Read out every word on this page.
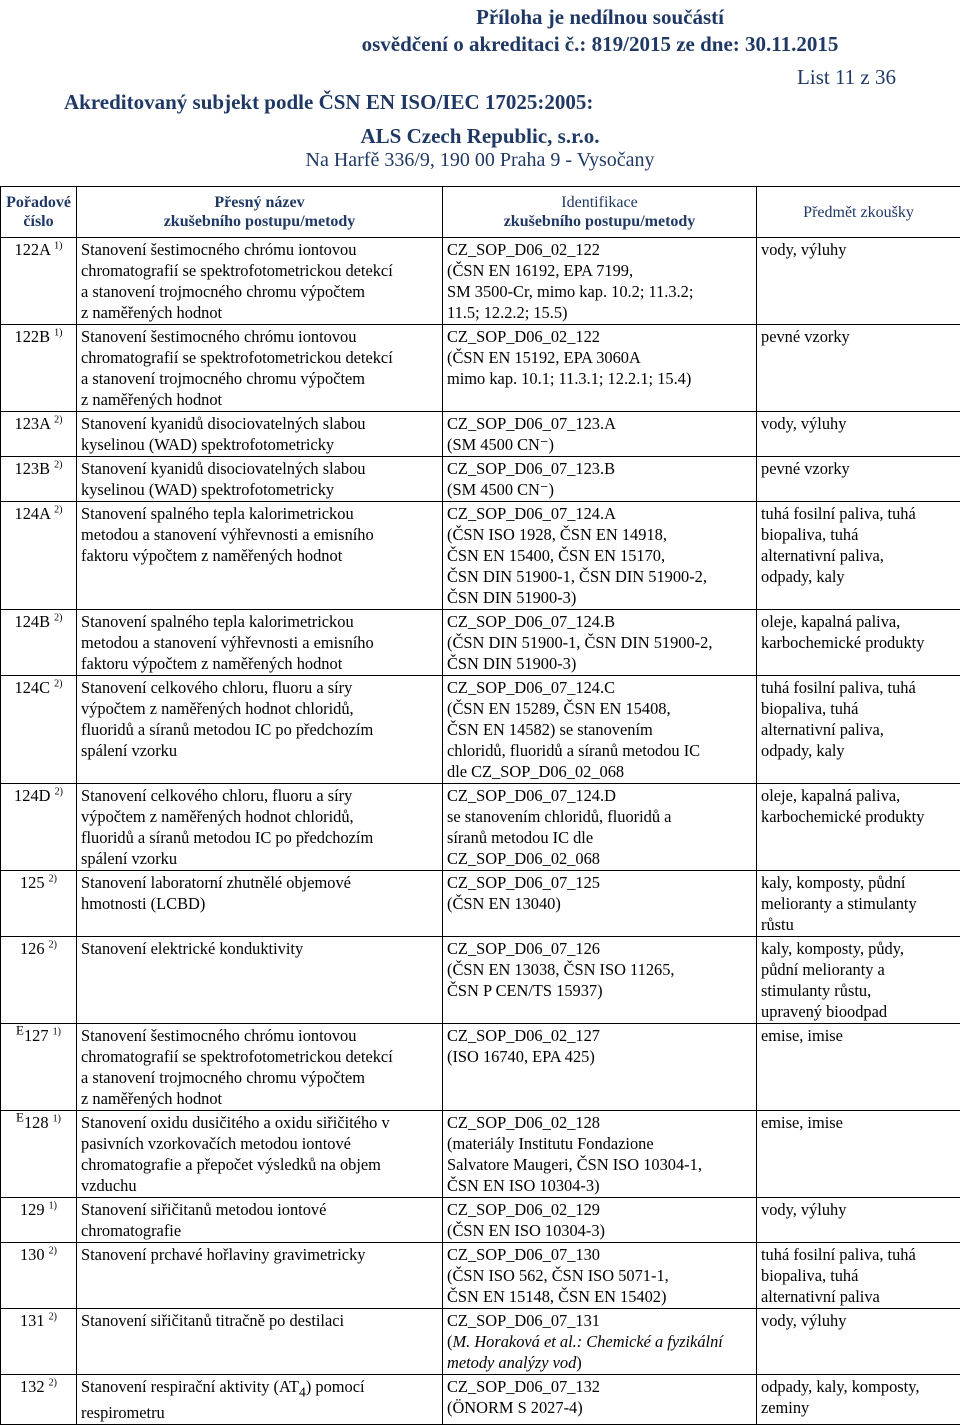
Příloha je nedílnou součástí
osvědčení o akreditaci č.: 819/2015 ze dne: 30.11.2015
List 11 z 36
Akreditovaný subjekt podle ČSN EN ISO/IEC 17025:2005:
ALS Czech Republic, s.r.o.
Na Harfě 336/9, 190 00 Praha 9 - Vysočany
Pořadové
číslo	Přesný název
zkušebního postupu/metody	Identifikace
zkušebního postupu/metody	Předmět zkoušky
122A $^{1)}$	Stanovení šestimocného chrómu iontovou
chromatografií se spektrofotometrickou detekcí
a stanovení trojmocného chromu výpočtem
z naměřených hodnot	CZ_SOP_D06_02_122
(ČSN EN 16192, EPA 7199,
SM 3500-Cr, mimo kap. 10.2; 11.3.2;
11.5; 12.2.2; 15.5)	vody, výluhy
122B $^{1)}$	Stanovení šestimocného chrómu iontovou
chromatografií se spektrofotometrickou detekcí
a stanovení trojmocného chromu výpočtem
z naměřených hodnot	CZ_SOP_D06_02_122
(ČSN EN 15192, EPA 3060A
mimo kap. 10.1; 11.3.1; 12.2.1; 15.4)	pevné vzorky
123A $^{2)}$	Stanovení kyanidů disociovatelných slabou
kyselinou (WAD) spektrofotometricky	CZ_SOP_D06_07_123.A
(SM 4500 CN⁻)	vody, výluhy
123B $^{2)}$	Stanovení kyanidů disociovatelných slabou
kyselinou (WAD) spektrofotometricky	CZ_SOP_D06_07_123.B
(SM 4500 CN⁻)	pevné vzorky
124A $^{2)}$	Stanovení spalného tepla kalorimetrickou
metodou a stanovení výhřevnosti a emisního
faktoru výpočtem z naměřených hodnot	CZ_SOP_D06_07_124.A
(ČSN ISO 1928, ČSN EN 14918,
ČSN EN 15400, ČSN EN 15170,
ČSN DIN 51900-1, ČSN DIN 51900-2,
ČSN DIN 51900-3)	tuhá fosilní paliva, tuhá
biopaliva, tuhá
alternativní paliva,
odpady, kaly
124B $^{2)}$	Stanovení spalného tepla kalorimetrickou
metodou a stanovení výhřevnosti a emisního
faktoru výpočtem z naměřených hodnot	CZ_SOP_D06_07_124.B
(ČSN DIN 51900-1, ČSN DIN 51900-2,
ČSN DIN 51900-3)	oleje, kapalná paliva,
karbochemické produkty
124C $^{2)}$	Stanovení celkového chloru, fluoru a síry
výpočtem z naměřených hodnot chloridů,
fluoridů a síranů metodou IC po předchozím
spálení vzorku	CZ_SOP_D06_07_124.C
(ČSN EN 15289, ČSN EN 15408,
ČSN EN 14582) se stanovením
chloridů, fluoridů a síranů metodou IC
dle CZ_SOP_D06_02_068	tuhá fosilní paliva, tuhá
biopaliva, tuhá
alternativní paliva,
odpady, kaly
124D $^{2)}$	Stanovení celkového chloru, fluoru a síry
výpočtem z naměřených hodnot chloridů,
fluoridů a síranů metodou IC po předchozím
spálení vzorku	CZ_SOP_D06_07_124.D
se stanovením chloridů, fluoridů a
síranů metodou IC dle
CZ_SOP_D06_02_068	oleje, kapalná paliva,
karbochemické produkty
125 $^{2)}$	Stanovení laboratorní zhutnělé objemové
hmotnosti (LCBD)	CZ_SOP_D06_07_125
(ČSN EN 13040)	kaly, komposty, půdní
melioranty a stimulanty
růstu
126 $^{2)}$	Stanovení elektrické konduktivity	CZ_SOP_D06_07_126
(ČSN EN 13038, ČSN ISO 11265,
ČSN P CEN/TS 15937)	kaly, komposty, půdy,
půdní melioranty a
stimulanty růstu,
upravený bioodpad
$^E$127 $^{1)}$	Stanovení šestimocného chrómu iontovou
chromatografií se spektrofotometrickou detekcí
a stanovení trojmocného chromu výpočtem
z naměřených hodnot	CZ_SOP_D06_02_127
(ISO 16740, EPA 425)	emise, imise
$^E$128 $^{1)}$	Stanovení oxidu dusičitého a oxidu siřičitého v
pasivních vzorkovačích metodou iontové
chromatografie a přepočet výsledků na objem
vzduchu	CZ_SOP_D06_02_128
(materiály Institutu Fondazione
Salvatore Maugeri, ČSN ISO 10304-1,
ČSN EN ISO 10304-3)	emise, imise
129 $^{1)}$	Stanovení siřičitanů metodou iontové
chromatografie	CZ_SOP_D06_02_129
(ČSN EN ISO 10304-3)	vody, výluhy
130 $^{2)}$	Stanovení prchavé hořlaviny gravimetricky	CZ_SOP_D06_07_130
(ČSN ISO 562, ČSN ISO 5071-1,
ČSN EN 15148, ČSN EN 15402)	tuhá fosilní paliva, tuhá
biopaliva, tuhá
alternativní paliva
131 $^{2)}$	Stanovení siřičitanů titračně po destilaci	CZ_SOP_D06_07_131
(M. Horaková et al.: Chemické a fyzikální metody analýzy vod)	vody, výluhy
132 $^{2)}$	Stanovení respirační aktivity $(AT_4)$ pomocí
respirometru	CZ_SOP_D06_07_132
(ÖNORM S 2027-4)	odpady, kaly, komposty,
zeminy
